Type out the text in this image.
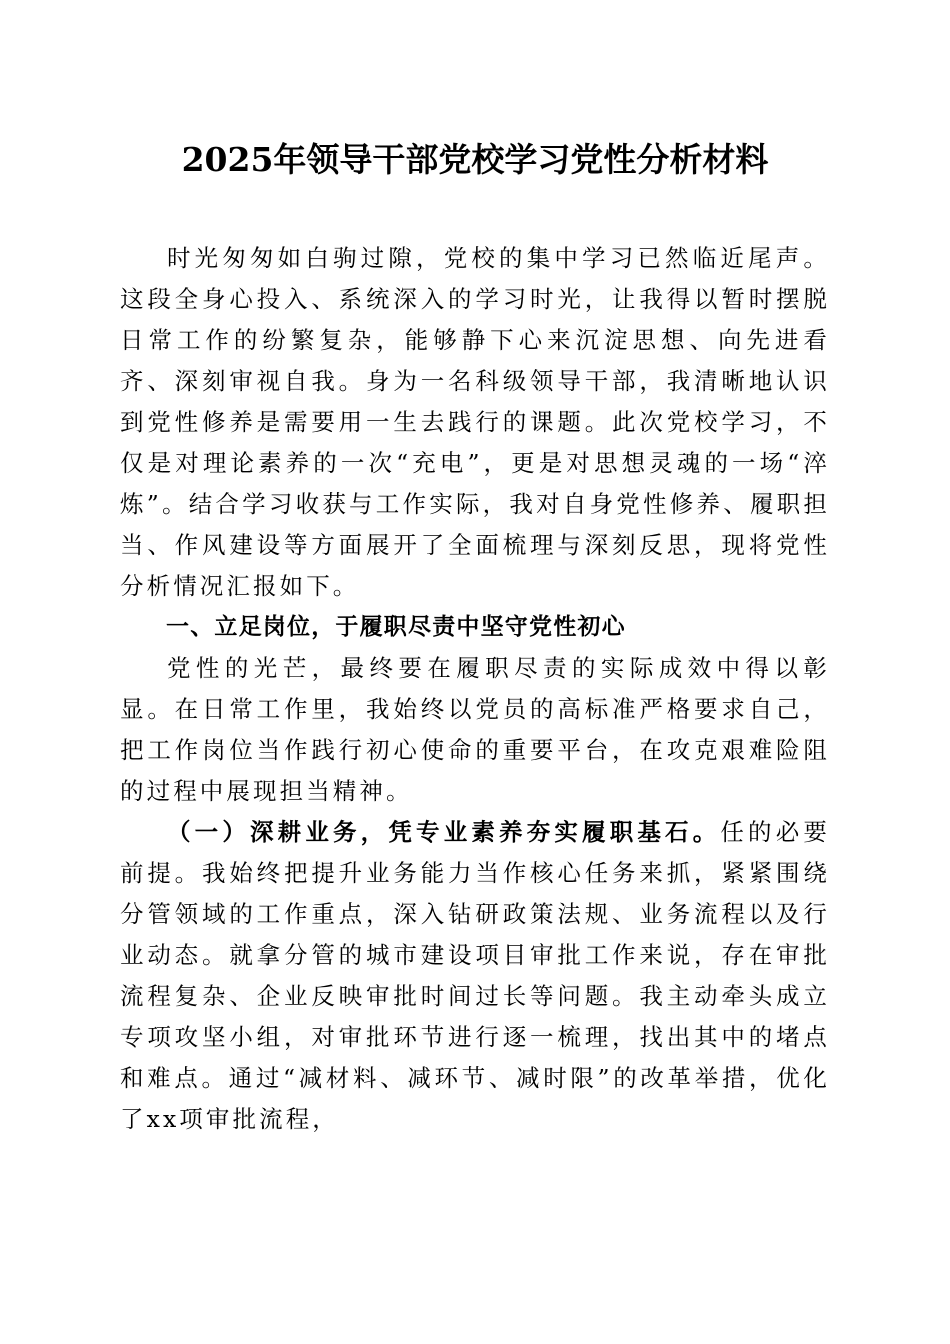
2025年领导干部党校学习党性分析材料

时光匆匆如白驹过隙，党校的集中学习已然临近尾声。这段全身心投入、系统深入的学习时光，让我得以暂时摆脱日常工作的纷繁复杂，能够静下心来沉淀思想、向先进看齐、深刻审视自我。身为一名科级领导干部，我清晰地认识到党性修养是需要用一生去践行的课题。此次党校学习，不仅是对理论素养的一次“充电”，更是对思想灵魂的一场“淬炼”。结合学习收获与工作实际，我对自身党性修养、履职担当、作风建设等方面展开了全面梳理与深刻反思，现将党性分析情况汇报如下。

一、立足岗位，于履职尽责中坚守党性初心

党性的光芒，最终要在履职尽责的实际成效中得以彰显。在日常工作里，我始终以党员的高标准严格要求自己，把工作岗位当作践行初心使命的重要平台，在攻克艰难险阻的过程中展现担当精神。

（一）深耕业务，凭专业素养夯实履职基石。任的必要前提。我始终把提升业务能力当作核心任务来抓，紧紧围绕分管领域的工作重点，深入钻研政策法规、业务流程以及行业动态。就拿分管的城市建设项目审批工作来说，存在审批流程复杂、企业反映审批时间过长等问题。我主动牵头成立专项攻坚小组，对审批环节进行逐一梳理，找出其中的堵点和难点。通过“减材料、减环节、减时限”的改革举措，优化了xx项审批流程，
